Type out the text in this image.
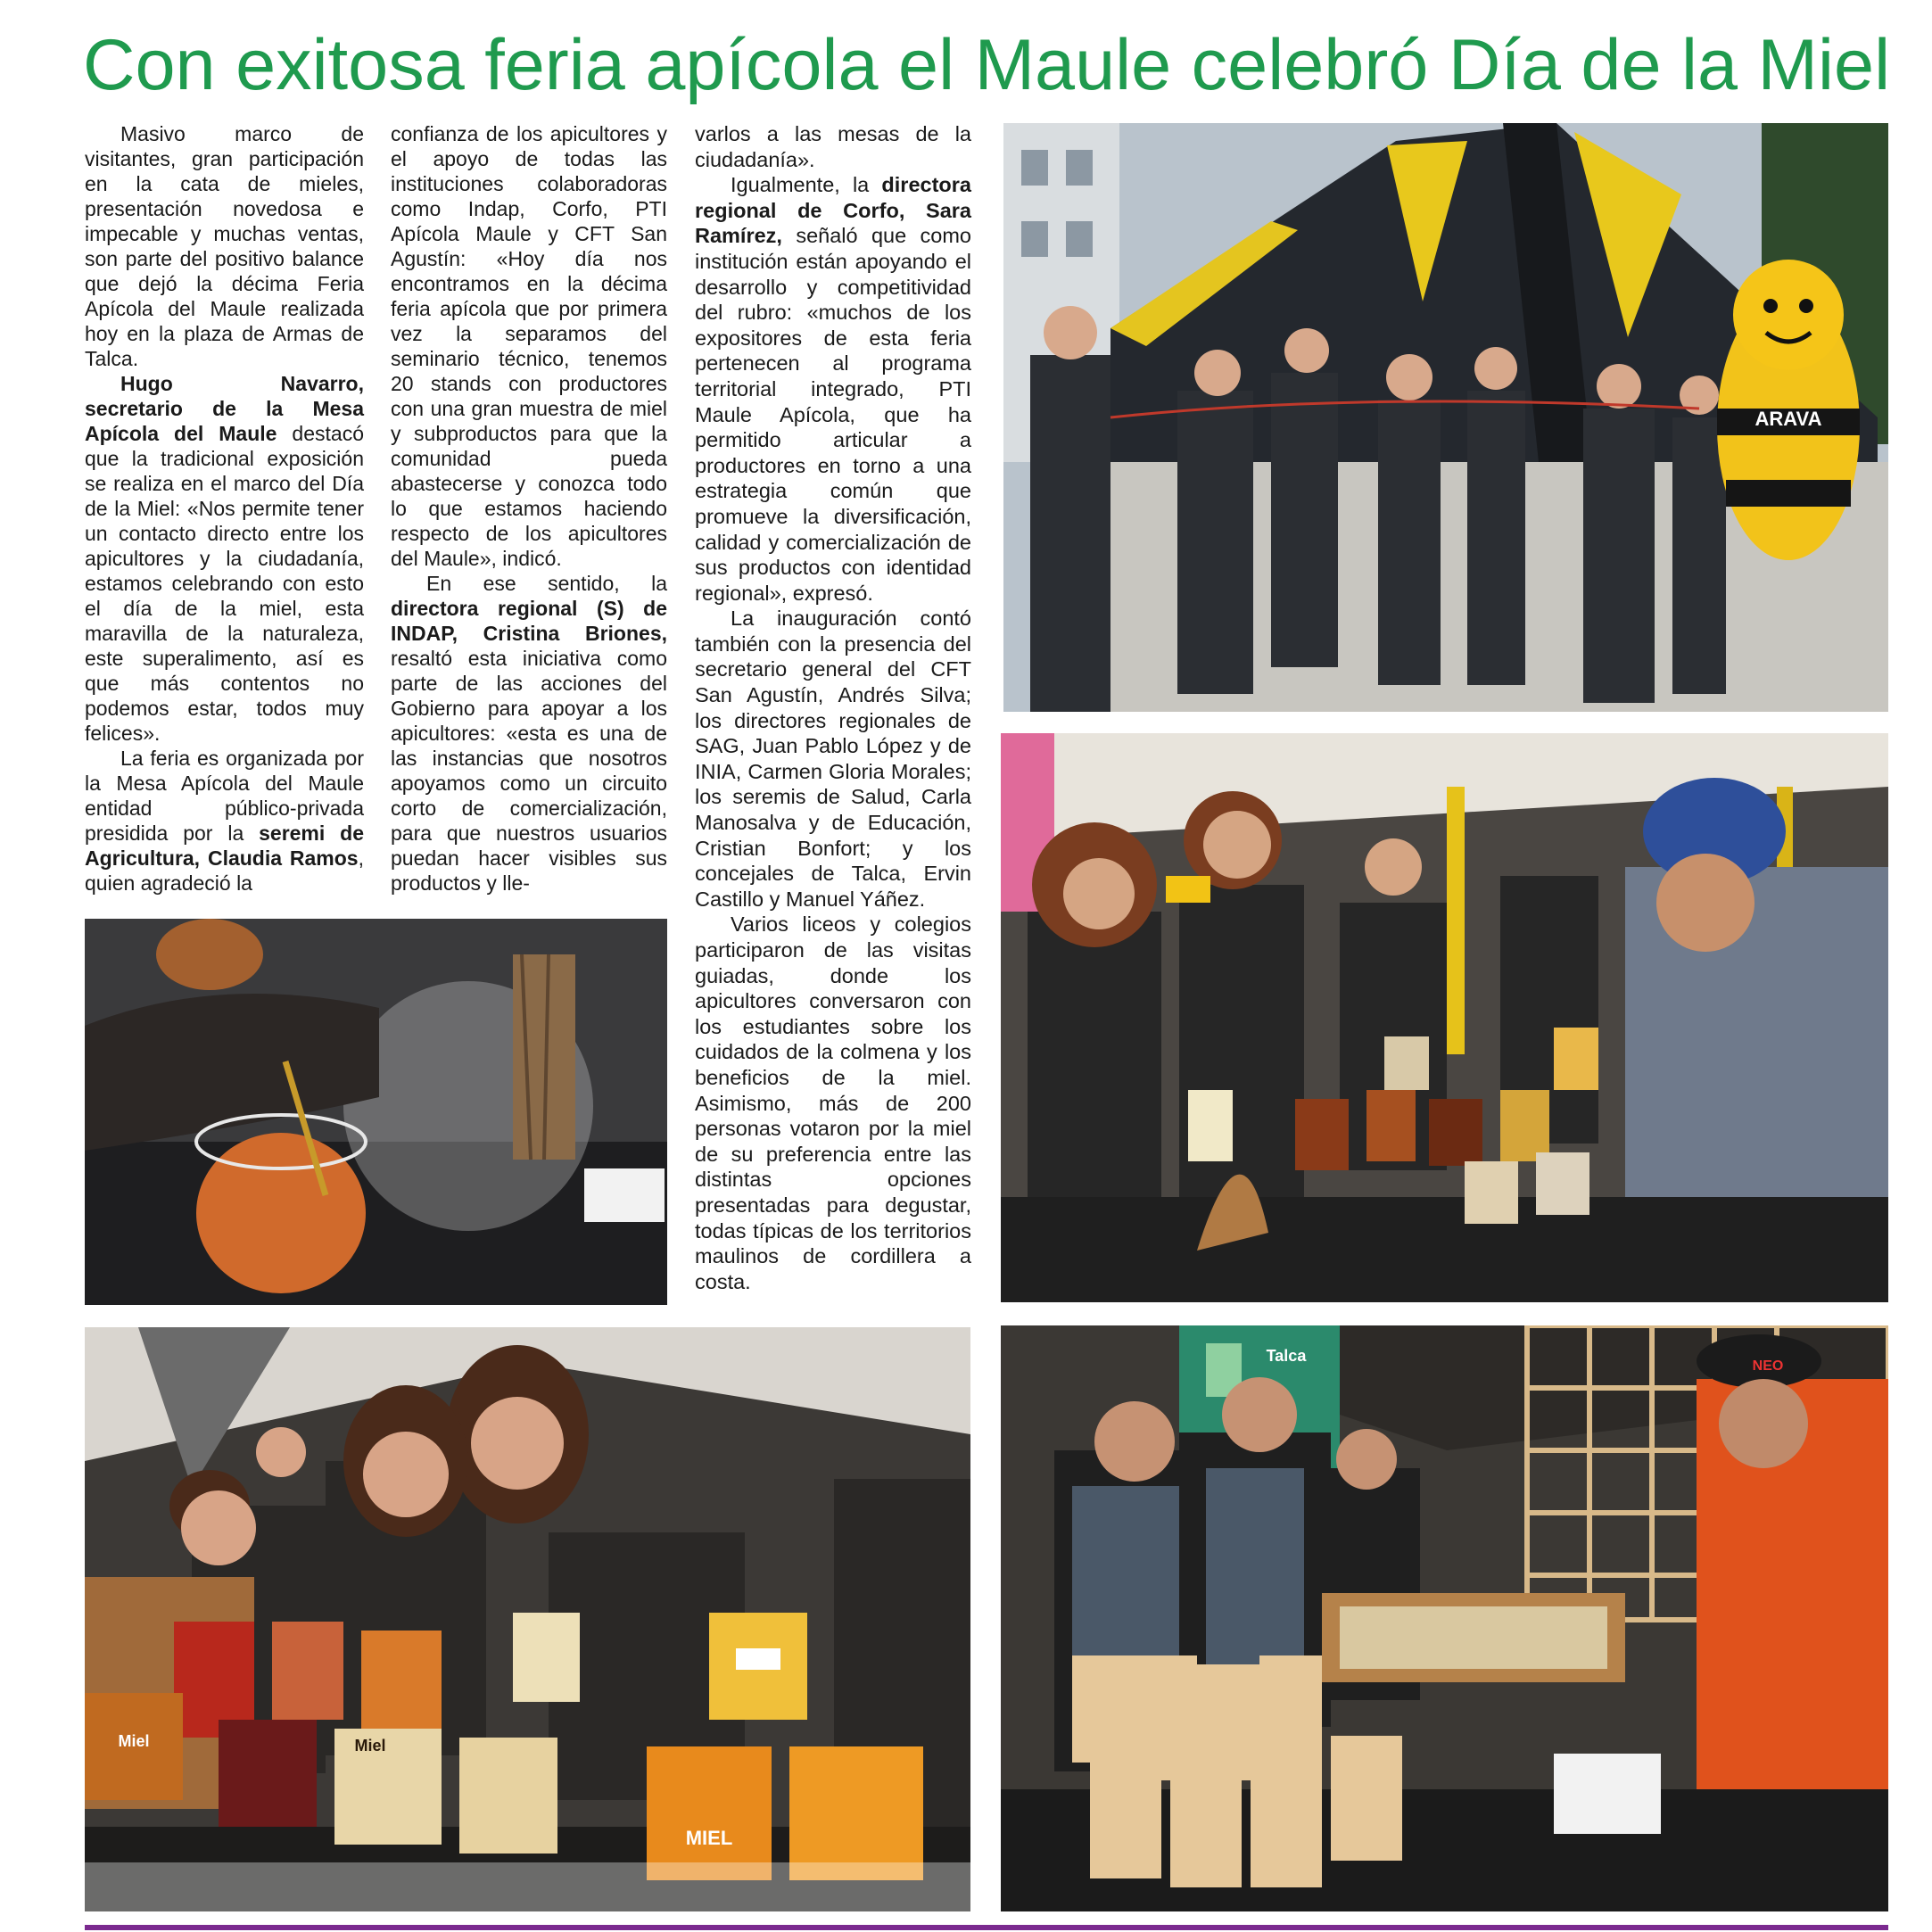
Con exitosa feria apícola el Maule celebró Día de la Miel

Masivo marco de visitantes, gran participación en la cata de mieles, presentación novedosa e impecable y muchas ventas, son parte del positivo balance que dejó la décima Feria Apícola del Maule realizada hoy en la plaza de Armas de Talca.

Hugo Navarro, secretario de la Mesa Apícola del Maule destacó que la tradicional exposición se realiza en el marco del Día de la Miel: «Nos permite tener un contacto directo entre los apicultores y la ciudadanía, estamos celebrando con esto el día de la miel, esta maravilla de la naturaleza, este superalimento, así es que más contentos no podemos estar, todos muy felices».

La feria es organizada por la Mesa Apícola del Maule entidad público-privada presidida por la seremi de Agricultura, Claudia Ramos, quien agradeció la

confianza de los apicultores y el apoyo de todas las instituciones colaboradoras como Indap, Corfo, PTI Apícola Maule y CFT San Agustín: «Hoy día nos encontramos en la décima feria apícola que por primera vez la separamos del seminario técnico, tenemos 20 stands con productores con una gran muestra de miel y subproductos para que la comunidad pueda abastecerse y conozca todo lo que estamos haciendo respecto de los apicultores del Maule», indicó.

En ese sentido, la directora regional (S) de INDAP, Cristina Briones, resaltó esta iniciativa como parte de las acciones del Gobierno para apoyar a los apicultores: «esta es una de las instancias que nosotros apoyamos como un circuito corto de comercialización, para que nuestros usuarios puedan hacer visibles sus productos y lle-

varlos a las mesas de la ciudadanía».

Igualmente, la directora regional de Corfo, Sara Ramírez, señaló que como institución están apoyando el desarrollo y competitividad del rubro: «muchos de los expositores de esta feria pertenecen al programa territorial integrado, PTI Maule Apícola, que ha permitido articular a productores en torno a una estrategia común que promueve la diversificación, calidad y comercialización de sus productos con identidad regional», expresó.

La inauguración contó también con la presencia del secretario general del CFT San Agustín, Andrés Silva; los directores regionales de SAG, Juan Pablo López y de INIA, Carmen Gloria Morales; los seremis de Salud, Carla Manosalva y de Educación, Cristian Bonfort; y los concejales de Talca, Ervin Castillo y Manuel Yáñez.

Varios liceos y colegios participaron de las visitas guiadas, donde los apicultores conversaron con los estudiantes sobre los cuidados de la colmena y los beneficios de la miel. Asimismo, más de 200 personas votaron por la miel de su preferencia entre las distintas opciones presentadas para degustar, todas típicas de los territorios maulinos de cordillera a costa.

ARAVA
Miel	Miel
MIEL
Talca
NEO
